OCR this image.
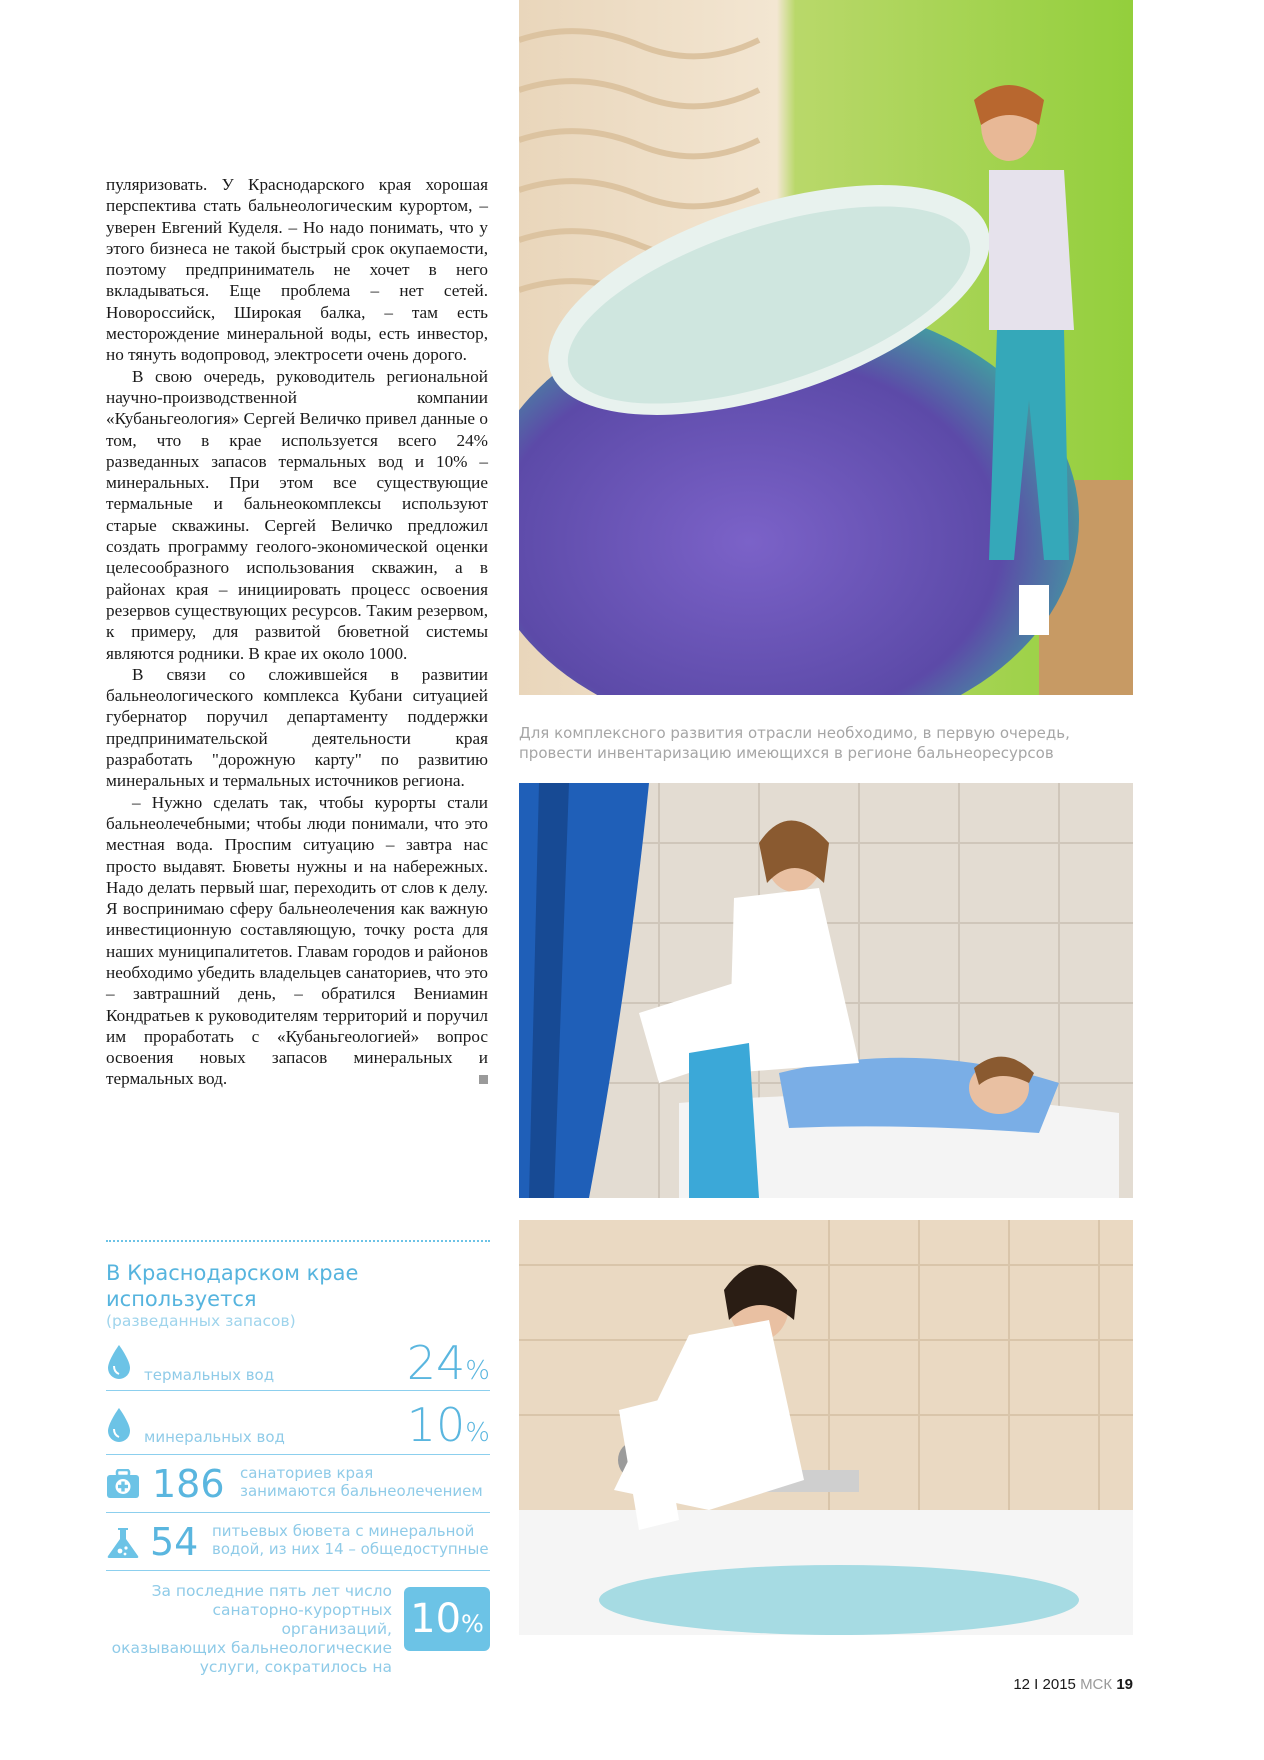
пуляризовать. У Краснодарского края хорошая перспектива стать бальнеологическим курортом, – уверен Евгений Куделя. – Но надо понимать, что у этого бизнеса не такой быстрый срок окупаемости, поэтому предприниматель не хочет в него вкладываться. Еще проблема – нет сетей. Новороссийск, Широкая балка, – там есть месторождение минеральной воды, есть инвестор, но тянуть водопровод, электросети очень дорого.

В свою очередь, руководитель региональной научно-производственной компании «Кубаньгеология» Сергей Величко привел данные о том, что в крае используется всего 24% разведанных запасов термальных вод и 10% – минеральных. При этом все существующие термальные и бальнеокомплексы используют старые скважины. Сергей Величко предложил создать программу геолого-экономической оценки целесообразного использования скважин, а в районах края – инициировать процесс освоения резервов существующих ресурсов. Таким резервом, к примеру, для развитой бюветной системы являются родники. В крае их около 1000.

В связи со сложившейся в развитии бальнеологического комплекса Кубани ситуацией губернатор поручил департаменту поддержки предпринимательской деятельности края разработать "дорожную карту" по развитию минеральных и термальных источников региона.

– Нужно сделать так, чтобы курорты стали бальнеолечебными; чтобы люди понимали, что это местная вода. Проспим ситуацию – завтра нас просто выдавят. Бюветы нужны и на набережных. Надо делать первый шаг, переходить от слов к делу. Я воспринимаю сферу бальнеолечения как важную инвестиционную составляющую, точку роста для наших муниципалитетов. Главам городов и районов необходимо убедить владельцев санаториев, что это – завтрашний день, – обратился Вениамин Кондратьев к руководителям территорий и поручил им проработать с «Кубаньгеологией» вопрос освоения новых запасов минеральных и термальных вод.

Для комплексного развития отрасли необходимо, в первую очередь,
провести инвентаризацию имеющихся в регионе бальнеоресурсов
В Краснодарском крае используется
(разведанных запасов)
термальных вод	24%
минеральных вод	10%
186 санаториев края
занимаются бальнеолечением
54 питьевых бювета с минеральной
водой, из них 14 – общедоступные
За последние пять лет число
санаторно-курортных организаций,
оказывающих бальнеологические
услуги, сократилось на
10%
12 I 2015 МСК 19
